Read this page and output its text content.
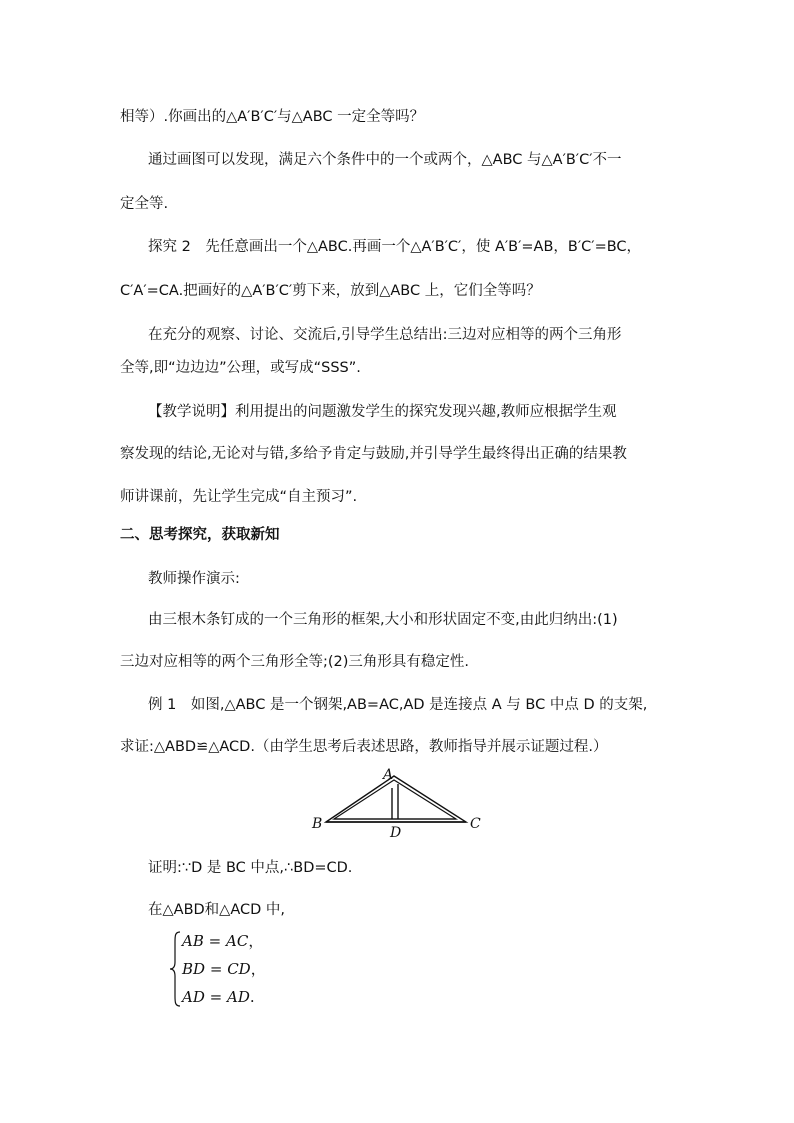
相等）.你画出的△A′B′C′与△ABC 一定全等吗？
通过画图可以发现，满足六个条件中的一个或两个，△ABC 与△A′B′C′不一
定全等.
探究 2　先任意画出一个△ABC.再画一个△A′B′C′，使 A′B′=AB，B′C′=BC，
C′A′=CA.把画好的△A′B′C′剪下来，放到△ABC 上，它们全等吗？
在充分的观察、讨论、交流后,引导学生总结出:三边对应相等的两个三角形
全等,即“边边边”公理，或写成“SSS”.
【教学说明】利用提出的问题激发学生的探究发现兴趣,教师应根据学生观
察发现的结论,无论对与错,多给予肯定与鼓励,并引导学生最终得出正确的结果教
师讲课前，先让学生完成“自主预习”.
二、思考探究，获取新知
教师操作演示:
由三根木条钉成的一个三角形的框架,大小和形状固定不变,由此归纳出:(1)
三边对应相等的两个三角形全等;(2)三角形具有稳定性.
例 1　如图,△ABC 是一个钢架,AB=AC,AD 是连接点 A 与 BC 中点 D 的支架,
求证:△ABD≌△ACD.（由学生思考后表述思路，教师指导并展示证题过程.）
A
B	C
D
证明:∵D 是 BC 中点,∴BD=CD.
在△ABD和△ACD 中,
AB = AC，
BD = CD，
AD = AD.
